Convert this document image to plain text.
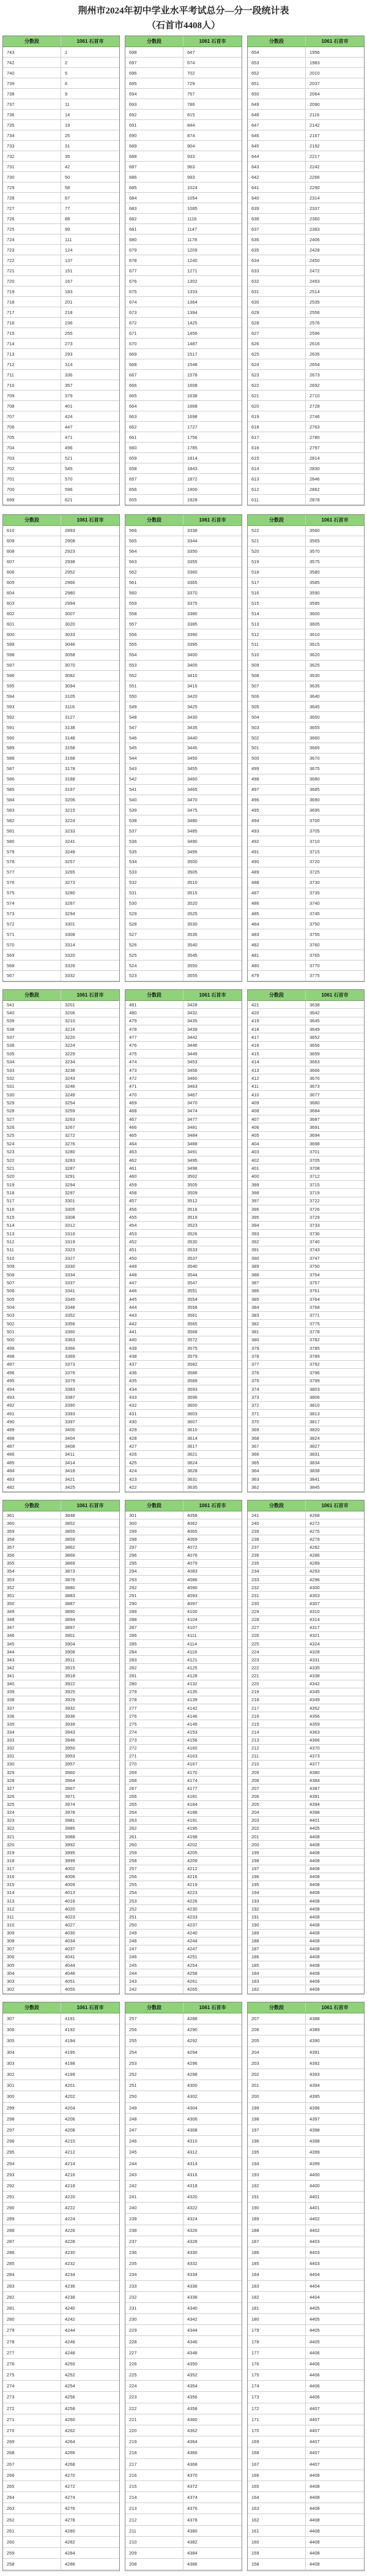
荆州市2024年初中学业水平考试总分—分一段统计表
（石首市4408人）
分数段	1061 石首市
743	1
742	2
740	5
739	6
738	9
737	11
736	14
735	19
734	25
733	31
732	35
731	42
730	50
729	58
728	67
727	77
726	88
725	99
724	111
723	124
722	137
721	151
720	167
719	183
718	201
717	218
716	236
715	255
714	273
713	293
712	314
711	336
710	357
709	379
708	401
707	424
706	447
705	471
704	496
703	521
702	545
701	570
700	596
699	621
分数段	1061 石首市
698	647
697	674
696	702
695	729
694	757
693	786
692	815
691	844
690	874
689	904
688	933
687	963
686	993
685	1024
684	1054
683	1085
682	1116
681	1147
680	1178
679	1209
678	1240
677	1271
676	1302
675	1333
674	1364
673	1394
672	1425
671	1456
670	1487
669	1517
668	1548
667	1578
666	1608
665	1638
664	1668
663	1698
662	1727
661	1756
660	1785
659	1814
658	1843
657	1872
656	1900
655	1928
分数段	1061 石首市
654	1956
653	1983
652	2010
651	2037
650	2064
649	2090
648	2116
647	2142
646	2167
645	2192
644	2217
643	2242
642	2266
641	2290
640	2314
639	2337
638	2360
637	2383
636	2406
635	2428
634	2450
633	2472
632	2493
631	2514
630	2535
629	2556
628	2576
627	2596
626	2616
625	2635
624	2654
623	2673
622	2692
621	2710
620	2728
619	2746
618	2763
617	2780
616	2797
615	2814
614	2830
613	2846
612	2862
611	2878
分数段	1061 石首市
610	2893
609	2908
608	2923
607	2938
606	2952
605	2966
604	2980
603	2994
602	3007
601	3020
600	3033
599	3046
598	3058
597	3070
596	3082
595	3094
594	3105
593	3116
592	3127
591	3138
590	3148
589	3158
588	3168
587	3178
586	3188
585	3197
584	3206
583	3215
582	3224
581	3233
580	3241
579	3249
578	3257
577	3265
576	3273
575	3280
574	3287
573	3294
572	3301
571	3308
570	3314
569	3320
568	3326
567	3332
分数段	1061 石首市
566	3338
565	3344
564	3350
563	3355
562	3360
561	3365
560	3370
559	3375
558	3380
557	3385
556	3390
555	3395
554	3400
553	3405
552	3410
551	3415
550	3420
549	3425
548	3430
547	3435
546	3440
545	3445
544	3450
543	3455
542	3460
541	3465
540	3470
539	3475
538	3480
537	3485
536	3490
535	3495
534	3500
533	3505
532	3510
531	3515
530	3520
529	3525
528	3530
527	3535
526	3540
525	3545
524	3550
523	3555
分数段	1061 石首市
522	3560
521	3565
520	3570
519	3575
518	3580
517	3585
516	3590
515	3595
514	3600
513	3605
512	3610
511	3615
510	3620
509	3625
508	3630
507	3635
506	3640
505	3645
504	3650
503	3655
502	3660
501	3665
500	3670
499	3675
498	3680
497	3685
496	3690
495	3695
494	3700
493	3705
492	3710
491	3715
490	3720
489	3725
488	3730
487	3735
486	3740
485	3745
484	3750
483	3755
482	3760
481	3765
480	3770
479	3775
分数段	1061 石首市
541	3201
540	3206
539	3210
538	3216
537	3220
536	3224
535	3229
534	3234
533	3238
532	3243
531	3246
530	3249
529	3254
528	3259
527	3263
526	3267
525	3272
524	3276
523	3280
522	3283
521	3287
520	3291
519	3294
518	3297
517	3301
516	3305
515	3308
514	3312
513	3316
512	3319
511	3323
510	3327
509	3330
508	3334
507	3337
506	3341
505	3345
504	3348
503	3352
502	3356
501	3360
500	3363
499	3366
498	3369
497	3373
496	3376
495	3379
494	3383
493	3387
492	3390
491	3393
490	3397
489	3400
488	3404
487	3408
486	3411
485	3414
484	3418
483	3421
482	3425
分数段	1061 石首市
481	3428
480	3432
479	3435
478	3439
477	3442
476	3446
475	3449
474	3453
473	3456
472	3460
471	3463
470	3467
469	3470
468	3474
467	3477
466	3481
465	3484
464	3488
463	3491
462	3495
461	3498
460	3502
459	3505
458	3509
457	3512
456	3516
455	3519
454	3523
453	3526
452	3530
451	3533
450	3537
449	3540
448	3544
447	3547
446	3551
445	3554
444	3558
443	3561
442	3565
441	3568
440	3572
439	3575
438	3579
437	3582
436	3586
435	3589
434	3593
433	3596
432	3600
431	3603
430	3607
429	3610
428	3614
427	3617
426	3621
425	3624
424	3628
423	3631
422	3635
分数段	1061 石首市
421	3638
420	3642
419	3645
418	3649
417	3652
416	3656
415	3659
414	3663
413	3666
412	3670
411	3673
410	3677
409	3680
408	3684
407	3687
406	3691
405	3694
404	3698
403	3701
402	3705
401	3708
400	3712
399	3715
398	3719
397	3722
396	3726
395	3729
394	3733
393	3736
392	3740
391	3743
390	3747
389	3750
388	3754
387	3757
386	3761
385	3764
384	3768
383	3771
382	3775
381	3778
380	3782
379	3785
378	3789
377	3792
376	3796
375	3799
374	3803
373	3806
372	3810
371	3813
370	3817
369	3820
368	3824
367	3827
366	3831
365	3834
364	3838
363	3841
362	3845
分数段	1061 石首市
361	3848
360	3852
359	3855
358	3859
357	3862
356	3866
355	3869
354	3873
353	3876
352	3880
351	3883
350	3887
349	3890
348	3894
347	3897
346	3901
345	3904
344	3908
343	3911
342	3915
341	3918
340	3922
339	3925
338	3929
337	3932
336	3936
335	3939
334	3943
333	3946
332	3950
331	3953
330	3957
329	3960
328	3964
327	3967
326	3971
325	3974
324	3978
323	3981
322	3985
321	3988
320	3992
319	3995
318	3999
317	4002
316	4006
315	4009
314	4013
313	4016
312	4020
311	4023
310	4027
309	4030
308	4034
307	4037
306	4041
305	4044
304	4048
303	4051
302	4055
分数段	1061 石首市
301	4058
300	4062
299	4065
298	4069
297	4072
296	4076
295	4079
294	4083
293	4086
292	4090
291	4093
290	4097
289	4100
288	4104
287	4107
286	4111
285	4114
284	4118
283	4121
282	4125
281	4128
280	4132
279	4135
278	4139
277	4142
276	4146
275	4149
274	4153
273	4156
272	4160
271	4163
270	4167
269	4170
268	4174
267	4177
266	4181
265	4184
264	4188
263	4191
262	4195
261	4198
260	4202
259	4205
258	4209
257	4212
256	4216
255	4219
254	4223
253	4226
252	4230
251	4233
250	4237
249	4240
248	4244
247	4247
246	4251
245	4254
244	4258
243	4261
242	4265
分数段	1061 石首市
241	4268
240	4272
239	4275
238	4279
237	4282
236	4286
235	4289
234	4293
233	4296
232	4300
231	4303
230	4307
229	4310
228	4314
227	4317
226	4321
225	4324
224	4328
223	4331
222	4335
221	4338
220	4342
219	4345
218	4349
217	4352
216	4356
215	4359
214	4363
213	4366
212	4370
211	4373
210	4377
209	4380
208	4384
207	4387
206	4391
205	4394
204	4398
203	4401
202	4405
201	4408
200	4408
199	4408
198	4408
197	4408
196	4408
195	4408
194	4408
193	4408
192	4408
191	4408
190	4408
189	4408
188	4408
187	4408
186	4408
185	4408
184	4408
183	4408
182	4408
分数段	1061 石首市
307	4191
306	4192
305	4194
304	4195
303	4198
302	4199
301	4201
300	4202
299	4204
298	4206
297	4208
296	4210
295	4212
294	4214
293	4216
292	4218
291	4220
290	4222
289	4224
288	4226
287	4228
286	4230
285	4232
284	4234
283	4236
282	4238
281	4240
280	4242
279	4244
278	4246
277	4248
276	4250
275	4252
274	4254
273	4256
272	4258
271	4260
270	4262
269	4264
268	4266
267	4268
266	4270
265	4272
264	4274
263	4276
262	4278
261	4280
260	4282
259	4284
258	4286
分数段	1061 石首市
257	4288
256	4290
255	4292
254	4294
253	4296
252	4298
251	4300
250	4302
249	4304
248	4306
247	4308
246	4310
245	4312
244	4314
243	4316
242	4318
241	4320
240	4322
239	4324
238	4326
237	4328
236	4330
235	4332
234	4334
233	4336
232	4338
231	4340
230	4342
229	4344
228	4346
227	4348
226	4350
225	4352
224	4354
223	4356
222	4358
221	4360
220	4362
219	4364
218	4366
217	4368
216	4370
215	4372
214	4374
213	4376
212	4378
211	4380
210	4382
209	4384
208	4386
分数段	1061 石首市
207	4388
206	4389
205	4390
204	4391
203	4392
202	4393
201	4394
200	4395
199	4396
198	4397
197	4398
196	4398
195	4399
194	4399
193	4400
192	4400
191	4401
190	4401
189	4402
188	4402
187	4403
186	4403
185	4403
184	4404
183	4404
182	4404
181	4405
180	4405
179	4405
178	4405
177	4406
176	4406
175	4406
174	4406
173	4406
172	4407
171	4407
170	4407
169	4407
168	4407
167	4407
166	4408
165	4408
164	4408
163	4408
162	4408
161	4408
160	4408
159	4408
158	4408
